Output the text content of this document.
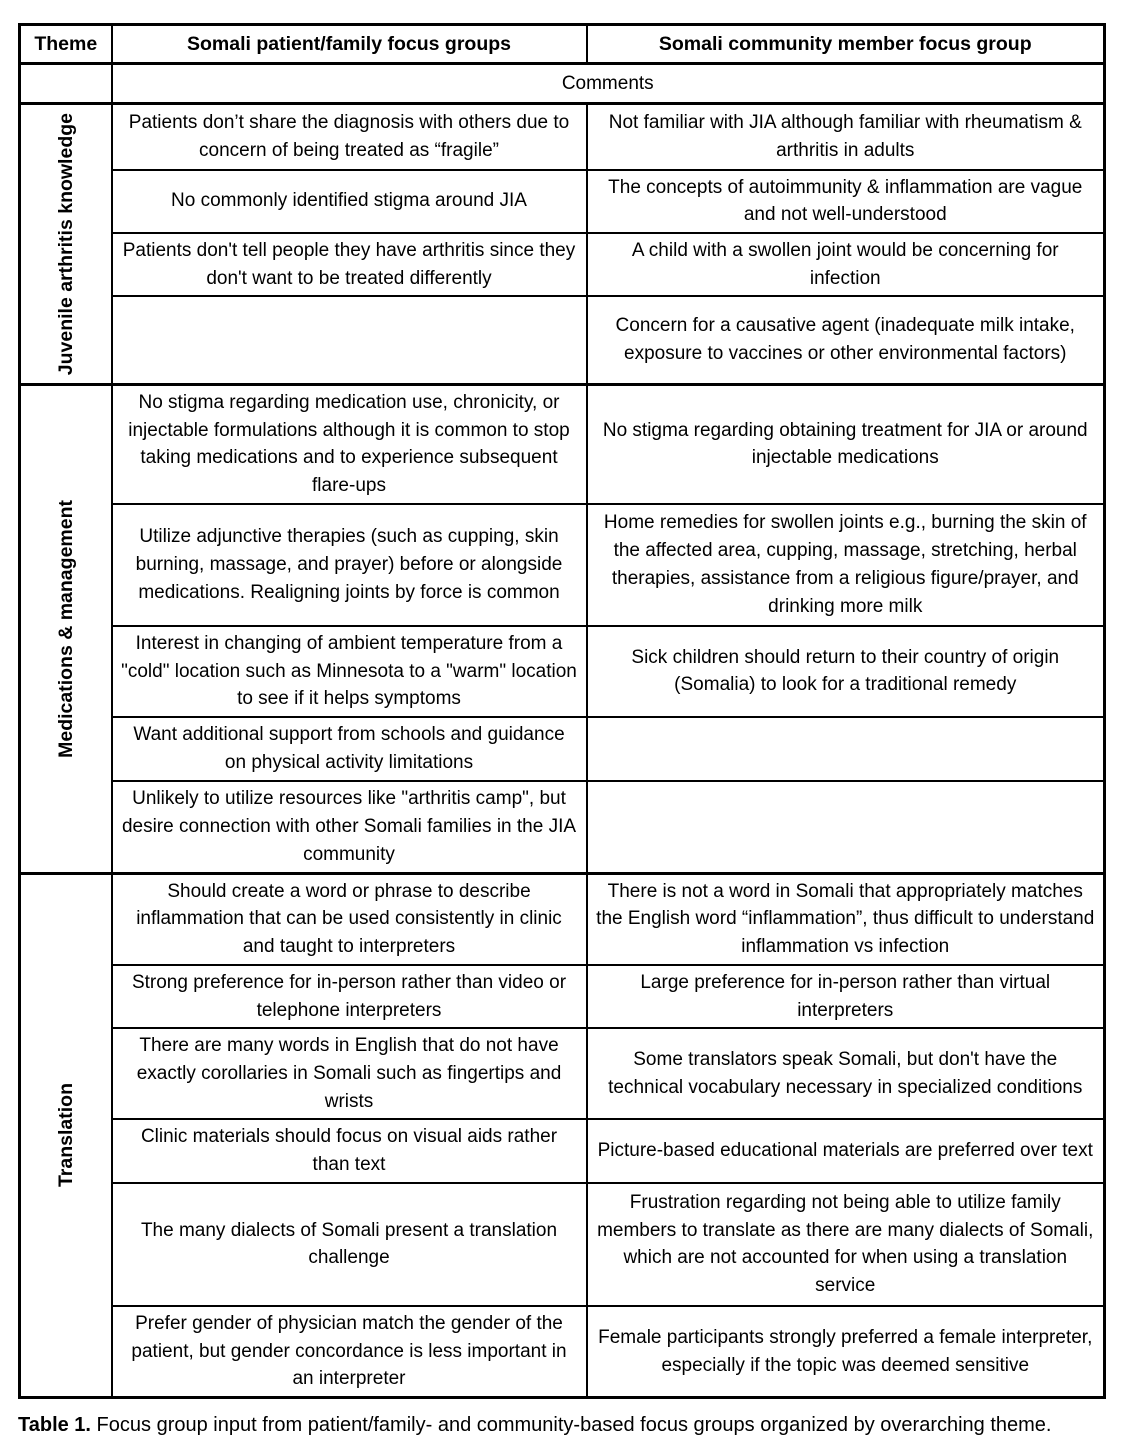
Theme	Somali patient/family focus groups	Somali community member focus group
	Comments	

Juvenile arthritis knowledge	Patients don’t share the diagnosis with others due to concern of being treated as “fragile”	Not familiar with JIA although familiar with rheumatism & arthritis in adults
	No commonly identified stigma around JIA	The concepts of autoimmunity & inflammation are vague and not well-understood
	Patients don't tell people they have arthritis since they don't want to be treated differently	A child with a swollen joint would be concerning for infection
		Concern for a causative agent (inadequate milk intake, exposure to vaccines or other environmental factors)

Medications & management	No stigma regarding medication use, chronicity, or injectable formulations although it is common to stop taking medications and to experience subsequent flare-ups	No stigma regarding obtaining treatment for JIA or around injectable medications
	Utilize adjunctive therapies (such as cupping, skin burning, massage, and prayer) before or alongside medications. Realigning joints by force is common	Home remedies for swollen joints e.g., burning the skin of the affected area, cupping, massage, stretching, herbal therapies, assistance from a religious figure/prayer, and drinking more milk
	Interest in changing of ambient temperature from a "cold" location such as Minnesota to a "warm" location to see if it helps symptoms	Sick children should return to their country of origin (Somalia) to look for a traditional remedy
	Want additional support from schools and guidance on physical activity limitations	
	Unlikely to utilize resources like "arthritis camp", but desire connection with other Somali families in the JIA community	

Translation	Should create a word or phrase to describe inflammation that can be used consistently in clinic and taught to interpreters	There is not a word in Somali that appropriately matches the English word “inflammation”, thus difficult to understand inflammation vs infection
	Strong preference for in-person rather than video or telephone interpreters	Large preference for in-person rather than virtual interpreters
	There are many words in English that do not have exactly corollaries in Somali such as fingertips and wrists	Some translators speak Somali, but don't have the technical vocabulary necessary in specialized conditions
	Clinic materials should focus on visual aids rather than text	Picture-based educational materials are preferred over text
	The many dialects of Somali present a translation challenge	Frustration regarding not being able to utilize family members to translate as there are many dialects of Somali, which are not accounted for when using a translation service
	Prefer gender of physician match the gender of the patient, but gender concordance is less important in an interpreter	Female participants strongly preferred a female interpreter, especially if the topic was deemed sensitive
Table 1. Focus group input from patient/family- and community-based focus groups organized by overarching theme.
